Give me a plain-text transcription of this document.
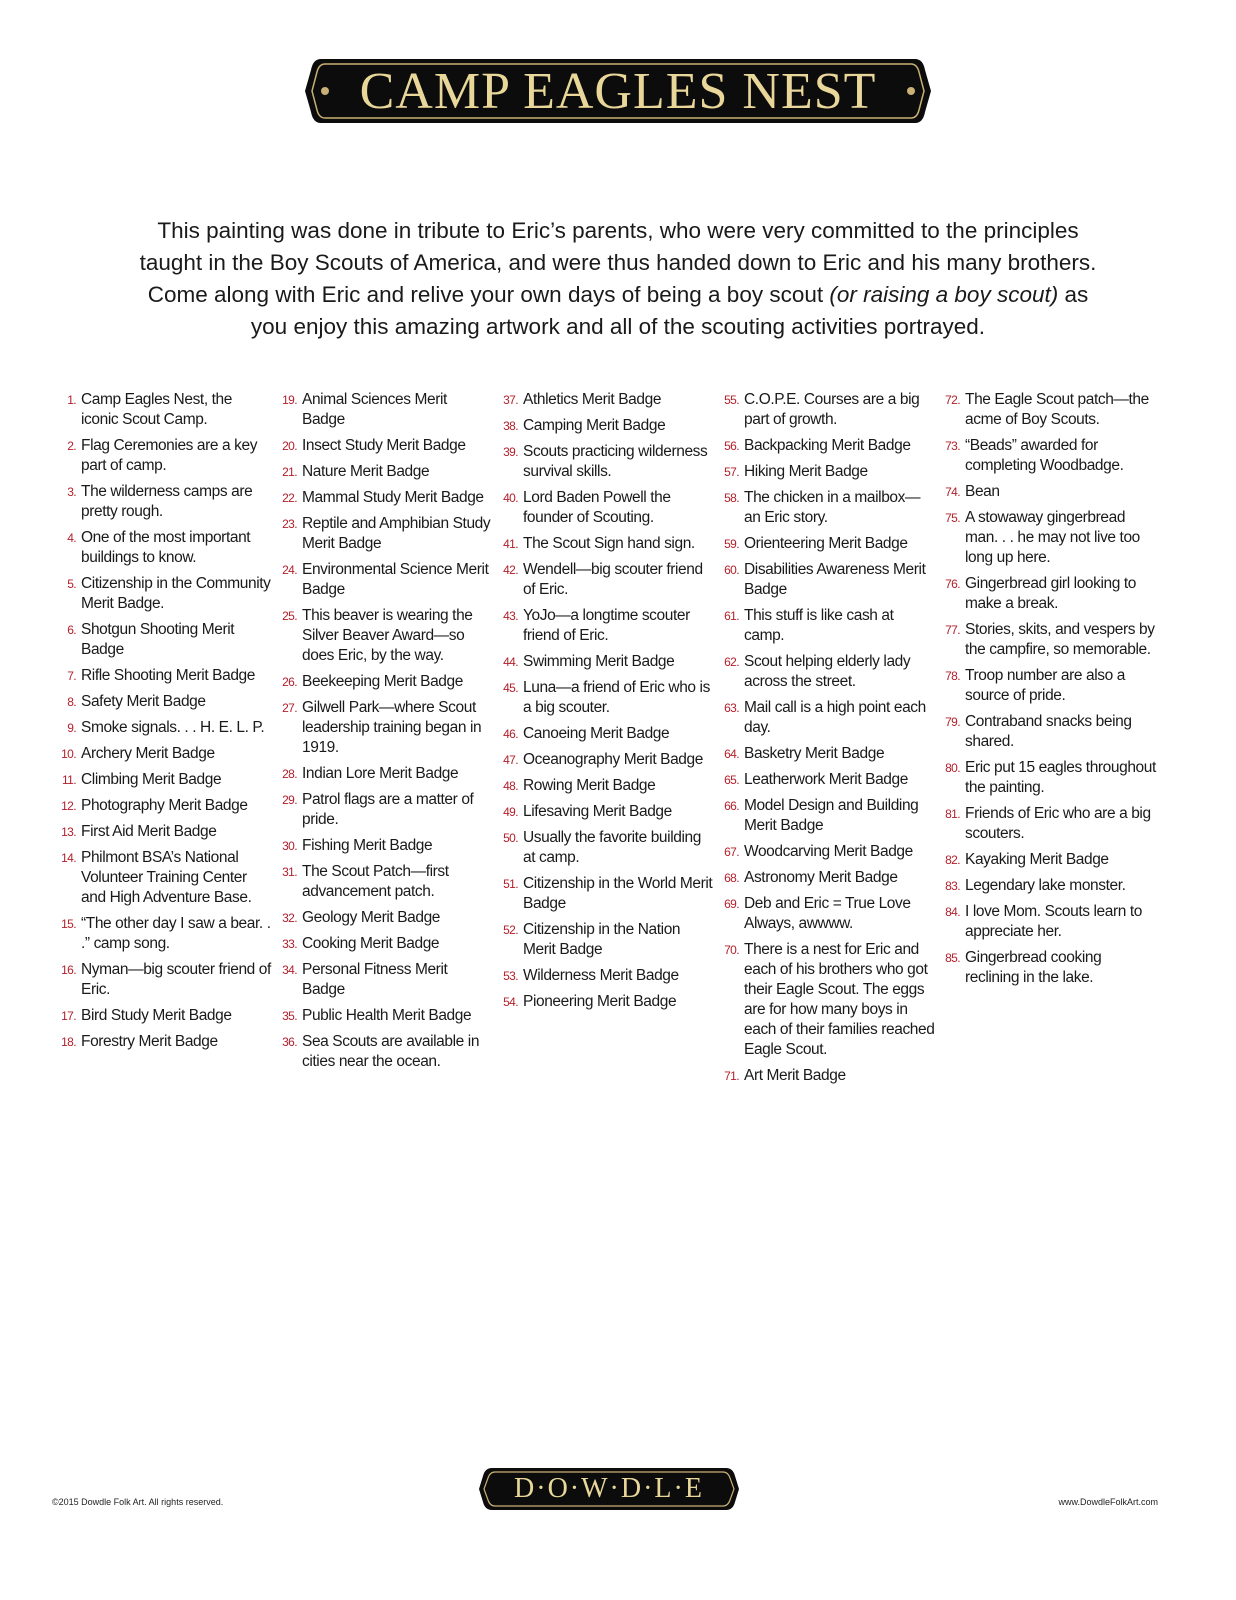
CAMP EAGLES NEST

This painting was done in tribute to Eric’s parents, who were very committed to the principles taught in the Boy Scouts of America, and were thus handed down to Eric and his many brothers. Come along with Eric and relive your own days of being a boy scout (or raising a boy scout) as you enjoy this amazing artwork and all of the scouting activities portrayed.

1. Camp Eagles Nest, the iconic Scout Camp.
2. Flag Ceremonies are a key part of camp.
3. The wilderness camps are pretty rough.
4. One of the most important buildings to know.
5. Citizenship in the Community Merit Badge.
6. Shotgun Shooting Merit Badge
7. Rifle Shooting Merit Badge
8. Safety Merit Badge
9. Smoke signals. . . H. E. L. P.
10. Archery Merit Badge
11. Climbing Merit Badge
12. Photography Merit Badge
13. First Aid Merit Badge
14. Philmont BSA’s National Volunteer Training Center and High Adventure Base.
15. “The other day I saw a bear. . .” camp song.
16. Nyman—big scouter friend of Eric.
17. Bird Study Merit Badge
18. Forestry Merit Badge
19. Animal Sciences Merit Badge
20. Insect Study Merit Badge
21. Nature Merit Badge
22. Mammal Study Merit Badge
23. Reptile and Amphibian Study Merit Badge
24. Environmental Science Merit Badge
25. This beaver is wearing the Silver Beaver Award—so does Eric, by the way.
26. Beekeeping Merit Badge
27. Gilwell Park—where Scout leadership training began in 1919.
28. Indian Lore Merit Badge
29. Patrol flags are a matter of pride.
30. Fishing Merit Badge
31. The Scout Patch—first advancement patch.
32. Geology Merit Badge
33. Cooking Merit Badge
34. Personal Fitness Merit Badge
35. Public Health Merit Badge
36. Sea Scouts are available in cities near the ocean.
37. Athletics Merit Badge
38. Camping Merit Badge
39. Scouts practicing wilderness survival skills.
40. Lord Baden Powell the founder of Scouting.
41. The Scout Sign hand sign.
42. Wendell—big scouter friend of Eric.
43. YoJo—a longtime scouter friend of Eric.
44. Swimming Merit Badge
45. Luna—a friend of Eric who is a big scouter.
46. Canoeing Merit Badge
47. Oceanography Merit Badge
48. Rowing Merit Badge
49. Lifesaving Merit Badge
50. Usually the favorite building at camp.
51. Citizenship in the World Merit Badge
52. Citizenship in the Nation Merit Badge
53. Wilderness Merit Badge
54. Pioneering Merit Badge
55. C.O.P.E. Courses are a big part of growth.
56. Backpacking Merit Badge
57. Hiking Merit Badge
58. The chicken in a mailbox—an Eric story.
59. Orienteering Merit Badge
60. Disabilities Awareness Merit Badge
61. This stuff is like cash at camp.
62. Scout helping elderly lady across the street.
63. Mail call is a high point each day.
64. Basketry Merit Badge
65. Leatherwork Merit Badge
66. Model Design and Building Merit Badge
67. Woodcarving Merit Badge
68. Astronomy Merit Badge
69. Deb and Eric = True Love Always, awwww.
70. There is a nest for Eric and each of his brothers who got their Eagle Scout. The eggs are for how many boys in each of their families reached Eagle Scout.
71. Art Merit Badge
72. The Eagle Scout patch—the acme of Boy Scouts.
73. “Beads” awarded for completing Woodbadge.
74. Bean
75. A stowaway gingerbread man. . . he may not live too long up here.
76. Gingerbread girl looking to make a break.
77. Stories, skits, and vespers by the campfire, so memorable.
78. Troop number are also a source of pride.
79. Contraband snacks being shared.
80. Eric put 15 eagles throughout the painting.
81. Friends of Eric who are a big scouters.
82. Kayaking Merit Badge
83. Legendary lake monster.
84. I love Mom. Scouts learn to appreciate her.
85. Gingerbread cooking reclining in the lake.
©2015 Dowdle Folk Art. All rights reserved.	D·O·W·D·L·E	www.DowdleFolkArt.com
